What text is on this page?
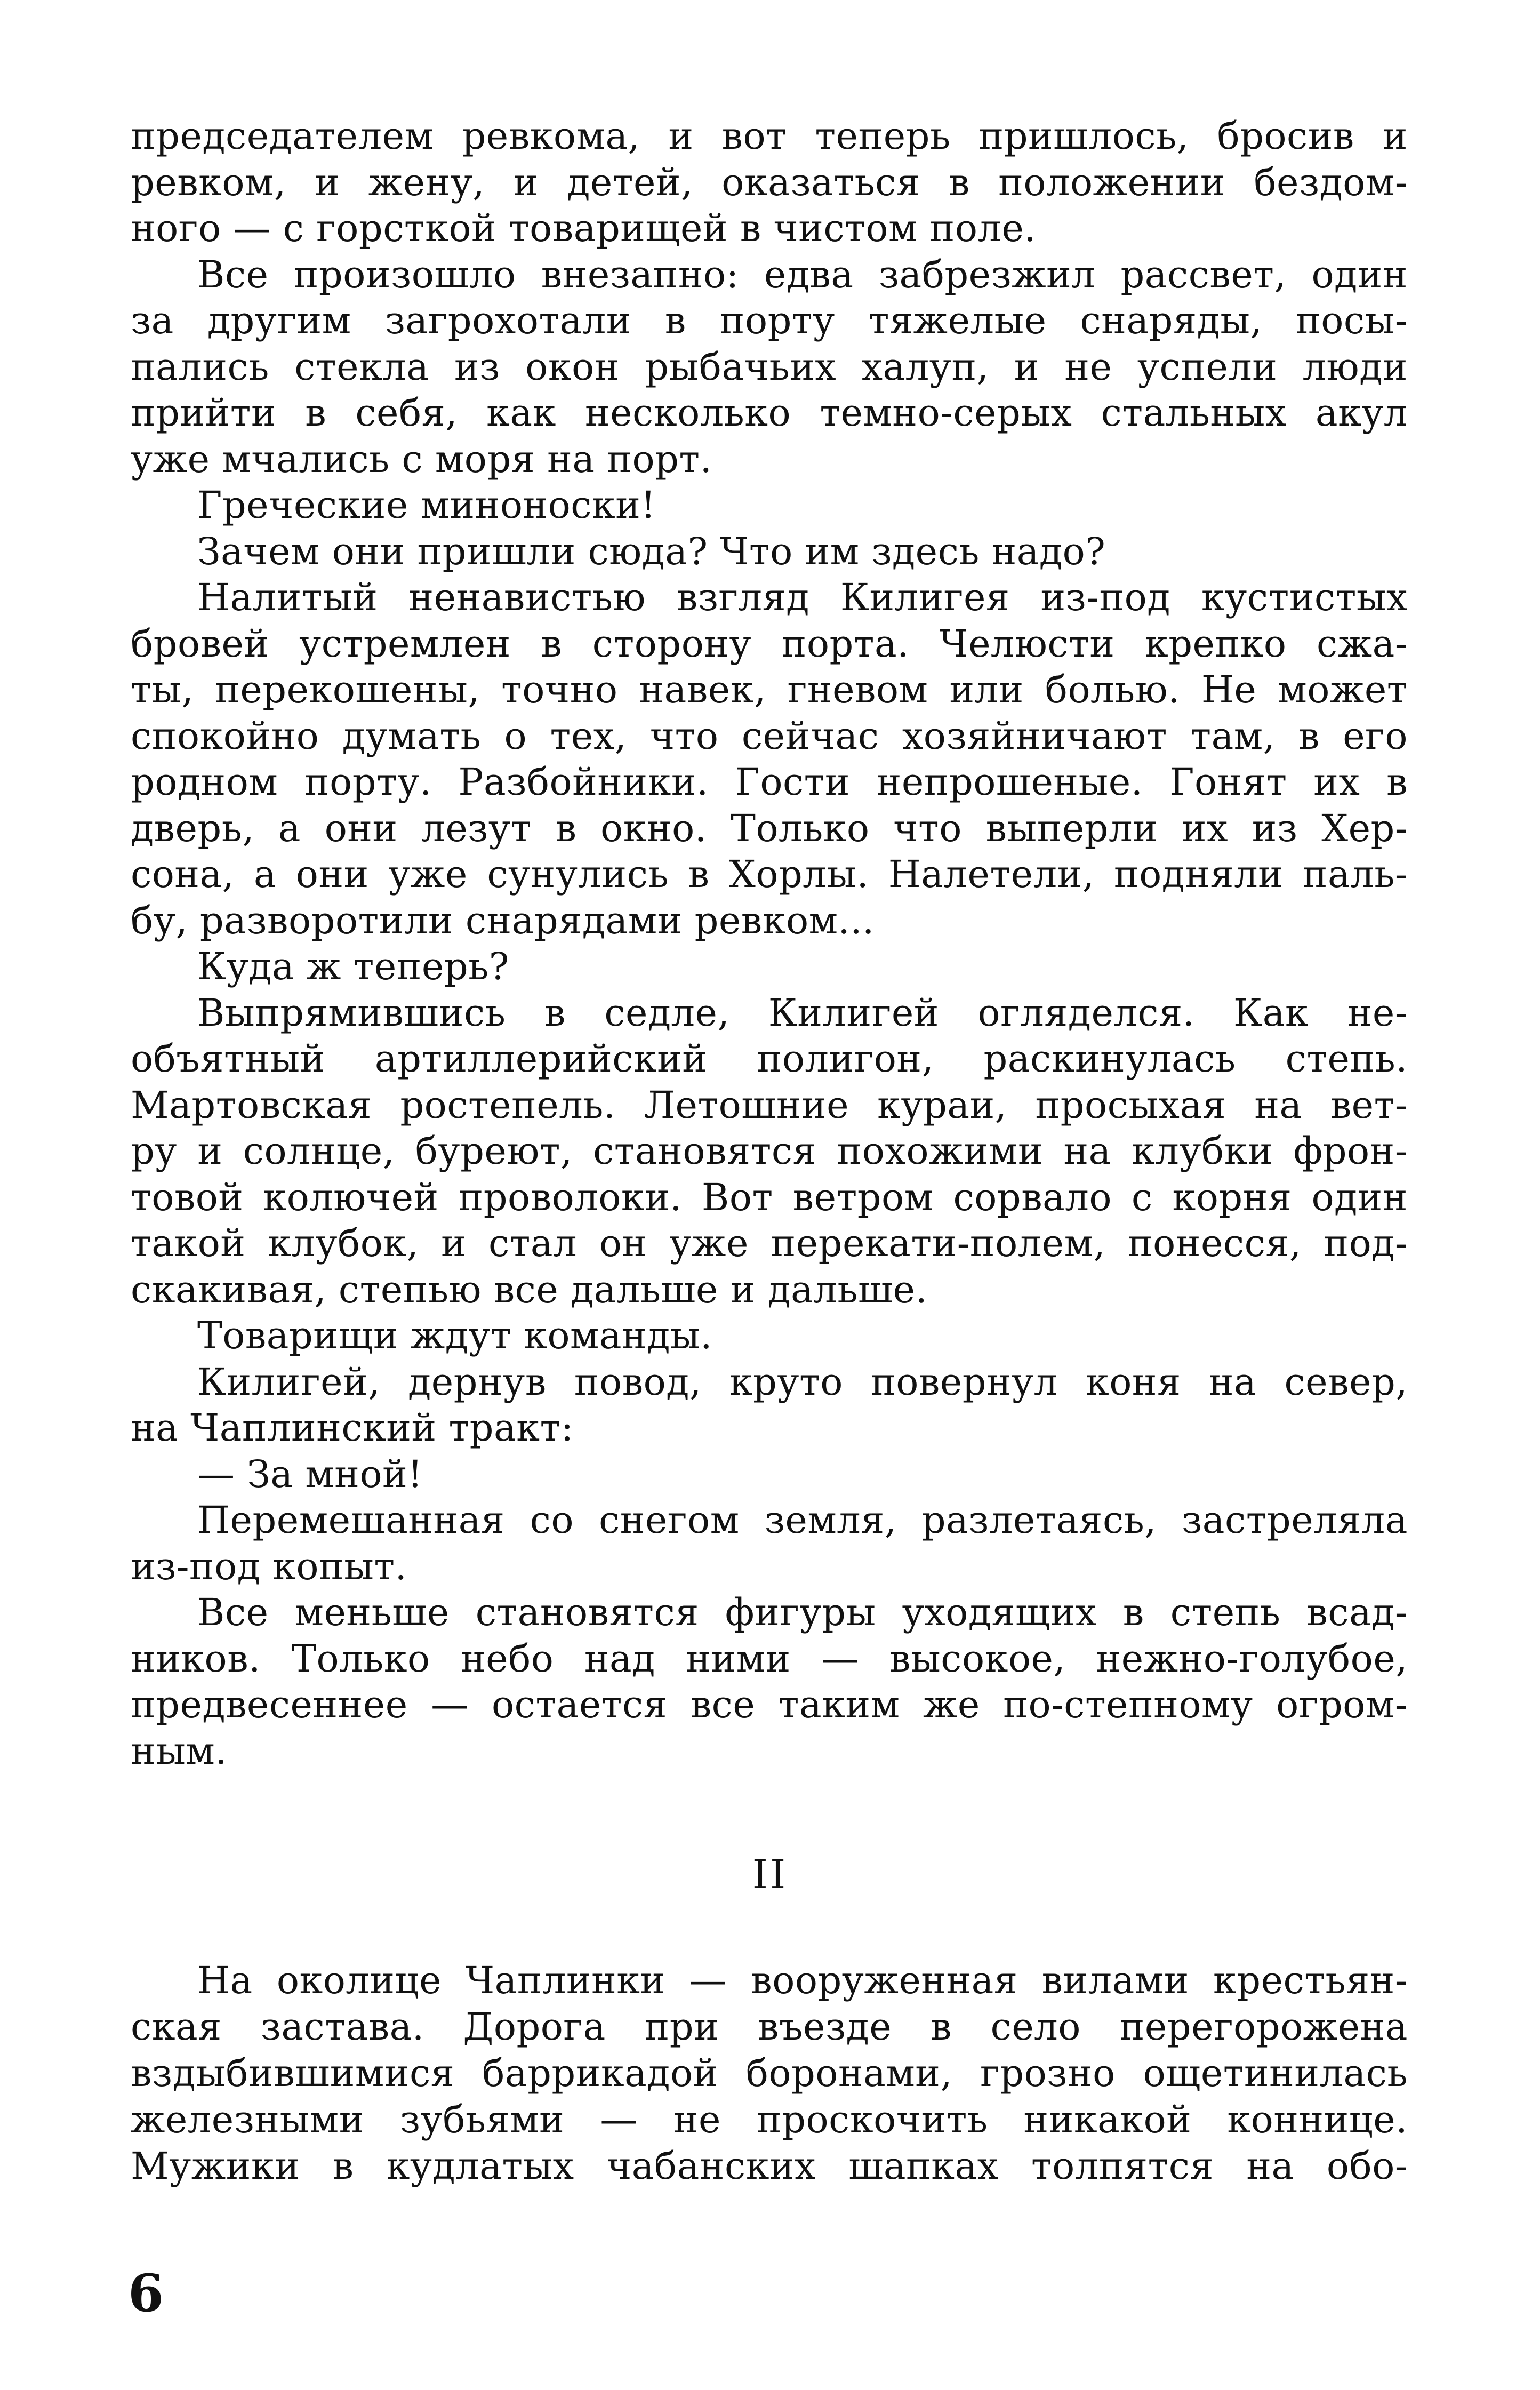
председателем ревкома, и вот теперь пришлось, бросив и
ревком, и жену, и детей, оказаться в положении бездом-
ного — с горсткой товарищей в чистом поле.
Все произошло внезапно: едва забрезжил рассвет, один
за другим загрохотали в порту тяжелые снаряды, посы-
пались стекла из окон рыбачьих халуп, и не успели люди
прийти в себя, как несколько темно-серых стальных акул
уже мчались с моря на порт.
Греческие миноноски!
Зачем они пришли сюда? Что им здесь надо?
Налитый ненавистью взгляд Килигея из-под кустистых
бровей устремлен в сторону порта. Челюсти крепко сжа-
ты, перекошены, точно навек, гневом или болью. Не может
спокойно думать о тех, что сейчас хозяйничают там, в его
родном порту. Разбойники. Гости непрошеные. Гонят их в
дверь, а они лезут в окно. Только что выперли их из Хер-
сона, а они уже сунулись в Хорлы. Налетели, подняли паль-
бу, разворотили снарядами ревком...
Куда ж теперь?
Выпрямившись в седле, Килигей огляделся. Как не-
объятный артиллерийский полигон, раскинулась степь.
Мартовская ростепель. Летошние кураи, просыхая на вет-
ру и солнце, буреют, становятся похожими на клубки фрон-
товой колючей проволоки. Вот ветром сорвало с корня один
такой клубок, и стал он уже перекати-полем, понесся, под-
скакивая, степью все дальше и дальше.
Товарищи ждут команды.
Килигей, дернув повод, круто повернул коня на север,
на Чаплинский тракт:
— За мной!
Перемешанная со снегом земля, разлетаясь, застреляла
из-под копыт.
Все меньше становятся фигуры уходящих в степь всад-
ников. Только небо над ними — высокое, нежно-голубое,
предвесеннее — остается все таким же по-степному огром-
ным.
II
На околице Чаплинки — вооруженная вилами крестьян-
ская застава. Дорога при въезде в село перегорожена
вздыбившимися баррикадой боронами, грозно ощетинилась
железными зубьями — не проскочить никакой коннице.
Мужики в кудлатых чабанских шапках толпятся на обо-
6
